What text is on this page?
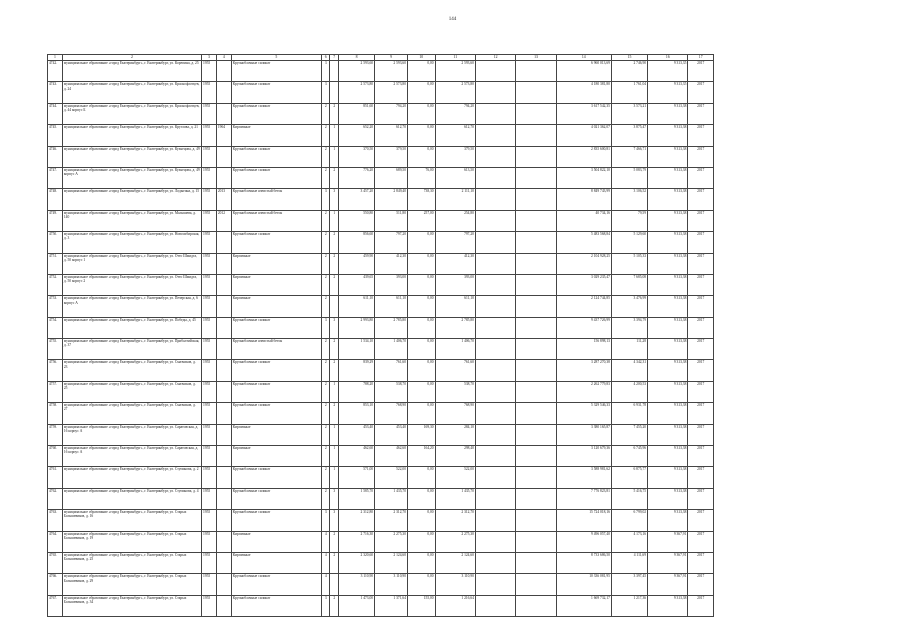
144
1	2	3	4	5	6	7	8	9	10	11	12	13	14	15	16	17
4742.	муниципальное образование «город Екатеринбург», г. Екатеринбург, ул. Корепина, д. 25	1955		Крупноблочные силикат	3		2 593,60	2 593,60	0,00	2 593,60			6 960 013,69	2 746,90	9 313,35	2017
4743.	муниципальное образование «город Екатеринбург», г. Екатеринбург, ул. Краснофлотцев, д. 24	1955		Крупноблочные силикат	3		2 573,80	2 573,80	0,00	2 573,80			4 180 381,80	1 761,04	9 313,35	2017
4744.	муниципальное образование «город Екатеринбург», г. Екатеринбург, ул. Краснофлотцев, д. 44 корпус Б	1955		Крупноблочные силикат	2	2	851,60	794,20	0,00	794,20			3 617 542,35	3 573,21	9 313,38	2017
4745.	муниципальное образование «город Екатеринбург», г. Екатеринбург, ул. Круглова, д. 21	1955	1964	Кирпичные	2	1	652,20	612,70	0,00	612,70			4 021 362,07	3 875,47	9 313,38	2017
4746.	муниципальное образование «город Екатеринбург», г. Екатеринбург, ул. Кузнецова, д. 49	1955		Крупноблочные силикат	2	1	370,50	379,50	0,00	379,50			2 835 600,81	7 466,71	9 313,38	2017
4747.	муниципальное образование «город Екатеринбург», г. Екатеринбург, ул. Кузнецова, д. 49 корпус А	1955		Крупноблочные силикат	2	2	776,20	689,50	76,00	613,50			3 504 822,10	5 083,79	9 313,38	2017
4748.	муниципальное образование «город Екатеринбург», г. Екатеринбург, ул. Лодыгина, д. 15	1955	2013	Крупноблочные ячеистый бетон	3	3	3 457,20	2 849,40	738,30	2 111,10			8 849 743,99	3 106,52	9 313,38	2017
4749.	муниципальное образование «город Екатеринбург», г. Екатеринбург, ул. Малышева, д. 140	1955	2012	Крупноблочные ячеистый бетон	2	1	550,80	511,80	257,00	254,80			40 734,16	79,59	9 313,38	2017
4750.	муниципальное образование «город Екатеринбург», г. Екатеринбург, ул. Новосибирская, д. 3	1955		Крупноблочные силикат	2	2	856,60	797,20	0,00	797,20			5 483 568,84	5 129,60	9 313,38	2017
4751.	муниципальное образование «город Екатеринбург», г. Екатеринбург, ул. Отто Шмидта, д. 50 корпус 1	1955		Кирпичные	2	2	459,90	412,30	0,00	412,30			2 104 928,25	5 105,33	9 313,38	2017
4752.	муниципальное образование «город Екатеринбург», г. Екатеринбург, ул. Отто Шмидта, д. 50 корпус 2	1955		Кирпичные	2	2	439,65	393,00	0,00	393,00			3 029 235,47	7 685,08	9 313,38	2017
4753.	муниципальное образование «город Екатеринбург», г. Екатеринбург, ул. Печерская, д. 6 корпус А	1955		Кирпичные	2		611,10	611,10	0,00	611,10			2 124 744,85	3 476,99	9 313,38	2017
4754.	муниципальное образование «город Екатеринбург», г. Екатеринбург, ул. Победы, д. 45	1955		Крупноблочные силикат	3	3	2 993,80	2 785,80	0,00	2 785,80			9 437 726,99	3 394,79	9 313,38	2017
4755.	муниципальное образование «город Екатеринбург», г. Екатеринбург, ул. Прибалтийская, д. 37	1955		Крупноблочные ячеистый бетон	2	2	1 534,10	1 406,70	0,00	1 406,70			156 898,13	111,28	9 313,38	2017
4756.	муниципальное образование «город Екатеринбург», г. Екатеринбург, ул. Смазчиков, д. 23	1955		Крупноблочные силикат	2	2	839,29	761,60	0,00	761,60			3 287 270,38	4 342,31	9 313,38	2017
4757.	муниципальное образование «город Екатеринбург», г. Екатеринбург, ул. Смазчиков, д. 25	1955		Крупноблочные силикат	2	1	788,20	538,70	0,00	538,70			2 262 779,83	4 200,53	9 313,38	2017
4758.	муниципальное образование «город Екатеринбург», г. Екатеринбург, ул. Смазчиков, д. 27	1955		Крупноблочные силикат	2	2	853,10	768,90	0,00	768,90			5 329 546,33	6 931,78	9 313,38	2017
4759.	муниципальное образование «город Екатеринбург», г. Екатеринбург, ул. Саратовская, д. 16 корпус А	1955		Кирпичные	2	1	453,40	453,40	169,30	284,10			3 380 165,87	7 455,20	9 313,38	2017
4760.	муниципальное образование «город Екатеринбург», г. Екатеринбург, ул. Саратовская, д. 16 корпус А	1955		Кирпичные	2	1	462,60	462,60	164,20	298,40			3 120 679,36	6 745,96	9 313,38	2017
4761.	муниципальное образование «город Екатеринбург», г. Екатеринбург, ул. Ступинова, д. 2	1955		Крупноблочные силикат	2	1	571,00	522,00	0,00	522,00			3 588 981,62	6 875,77	9 313,38	2017
4762.	муниципальное образование «город Екатеринбург», г. Екатеринбург, ул. Ступинова, д. 4	1955		Крупноблочные силикат	2	3	1 585,70	1 435,70	0,00	1 435,70			7 776 823,81	5 416,75	9 313,38	2017
4763.	муниципальное образование «город Екатеринбург», г. Екатеринбург, ул. Старых Большевиков, д. 16	1955		Крупноблочные силикат	3	3	2 312,80	2 312,70	0,00	2 312,70			15 724 018,16	6 799,02	9 313,38	2017
4764.	муниципальное образование «город Екатеринбург», г. Екатеринбург, ул. Старых Большевиков, д. 19	1955		Кирпичные	4	2	2 716,30	2 275,30	0,00	2 275,30			9 496 057,40	4 173,16	9 367,91	2017
4765.	муниципальное образование «город Екатеринбург», г. Екатеринбург, ул. Старых Большевиков, д. 25	1955		Кирпичные	4	2	2 320,60	2 124,60	0,00	2 124,60			8 733 686,50	4 111,69	9 367,91	2017
4766.	муниципальное образование «город Екатеринбург», г. Екатеринбург, ул. Старых Большевиков, д. 29	1955		Крупноблочные силикат	4		3 110,90	3 110,90	0,00	3 110,90			10 336 081,95	3 397,45	9 367,91	2017
4767.	муниципальное образование «город Екатеринбург», г. Екатеринбург, ул. Старых Большевиков, д. 34	1955		Крупноблочные силикат	3	2	1 473,00	1 371,64	155,00	1 216,64			1 669 732,17	1 217,36	9 313,38	2017
